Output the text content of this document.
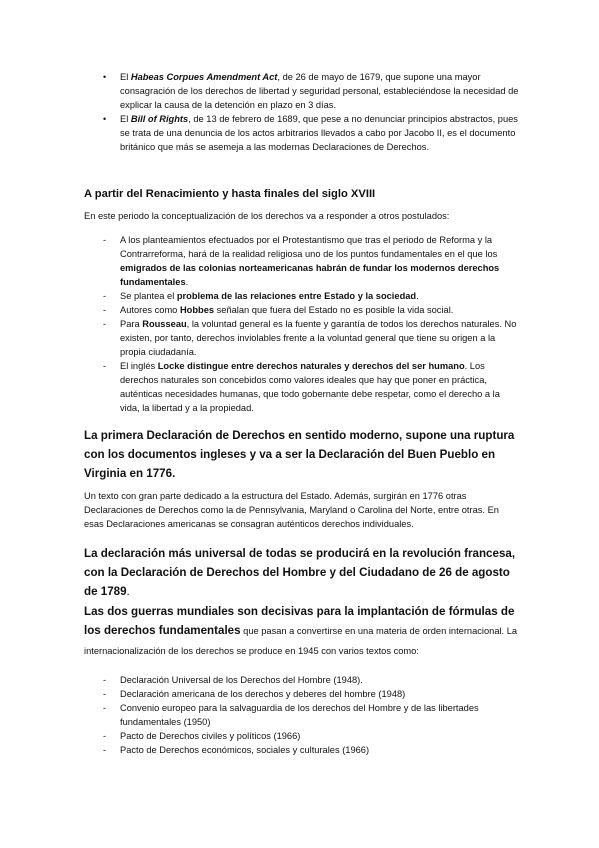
• El Habeas Corpues Amendment Act, de 26 de mayo de 1679, que supone una mayor consagración de los derechos de libertad y seguridad personal, estableciéndose la necesidad de explicar la causa de la detención en plazo en 3 días.
• El Bill of Rights, de 13 de febrero de 1689, que pese a no denunciar principios abstractos, pues se trata de una denuncia de los actos arbitrarios llevados a cabo por Jacobo II, es el documento británico que más se asemeja a las modernas Declaraciones de Derechos.

A partir del Renacimiento y hasta finales del siglo XVIII

En este periodo la conceptualización de los derechos va a responder a otros postulados:

- A los planteamientos efectuados por el Protestantismo que tras el periodo de Reforma y la Contrarreforma, hará de la realidad religiosa uno de los puntos fundamentales en el que los emigrados de las colonias norteamericanas habrán de fundar los modernos derechos fundamentales.
- Se plantea el problema de las relaciones entre Estado y la sociedad.
- Autores como Hobbes señalan que fuera del Estado no es posible la vida social.
- Para Rousseau, la voluntad general es la fuente y garantía de todos los derechos naturales. No existen, por tanto, derechos inviolables frente a la voluntad general que tiene su origen a la propia ciudadanía.
- El inglés Locke distingue entre derechos naturales y derechos del ser humano. Los derechos naturales son concebidos como valores ideales que hay que poner en práctica, auténticas necesidades humanas, que todo gobernante debe respetar, como el derecho a la vida, la libertad y a la propiedad.

La primera Declaración de Derechos en sentido moderno, supone una ruptura con los documentos ingleses y va a ser la Declaración del Buen Pueblo en Virginia en 1776.

Un texto con gran parte dedicado a la estructura del Estado. Además, surgirán en 1776 otras Declaraciones de Derechos como la de Pennsylvania, Maryland o Carolina del Norte, entre otras. En esas Declaraciones americanas se consagran auténticos derechos individuales.

La declaración más universal de todas se producirá en la revolución francesa, con la Declaración de Derechos del Hombre y del Ciudadano de 26 de agosto de 1789.

Las dos guerras mundiales son decisivas para la implantación de fórmulas de los derechos fundamentales que pasan a convertirse en una materia de orden internacional. La internacionalización de los derechos se produce en 1945 con varios textos como:

- Declaración Universal de los Derechos del Hombre (1948).
- Declaración americana de los derechos y deberes del hombre (1948)
- Convenio europeo para la salvaguardia de los derechos del Hombre y de las libertades fundamentales (1950)
- Pacto de Derechos civiles y políticos (1966)
- Pacto de Derechos económicos, sociales y culturales (1966)
